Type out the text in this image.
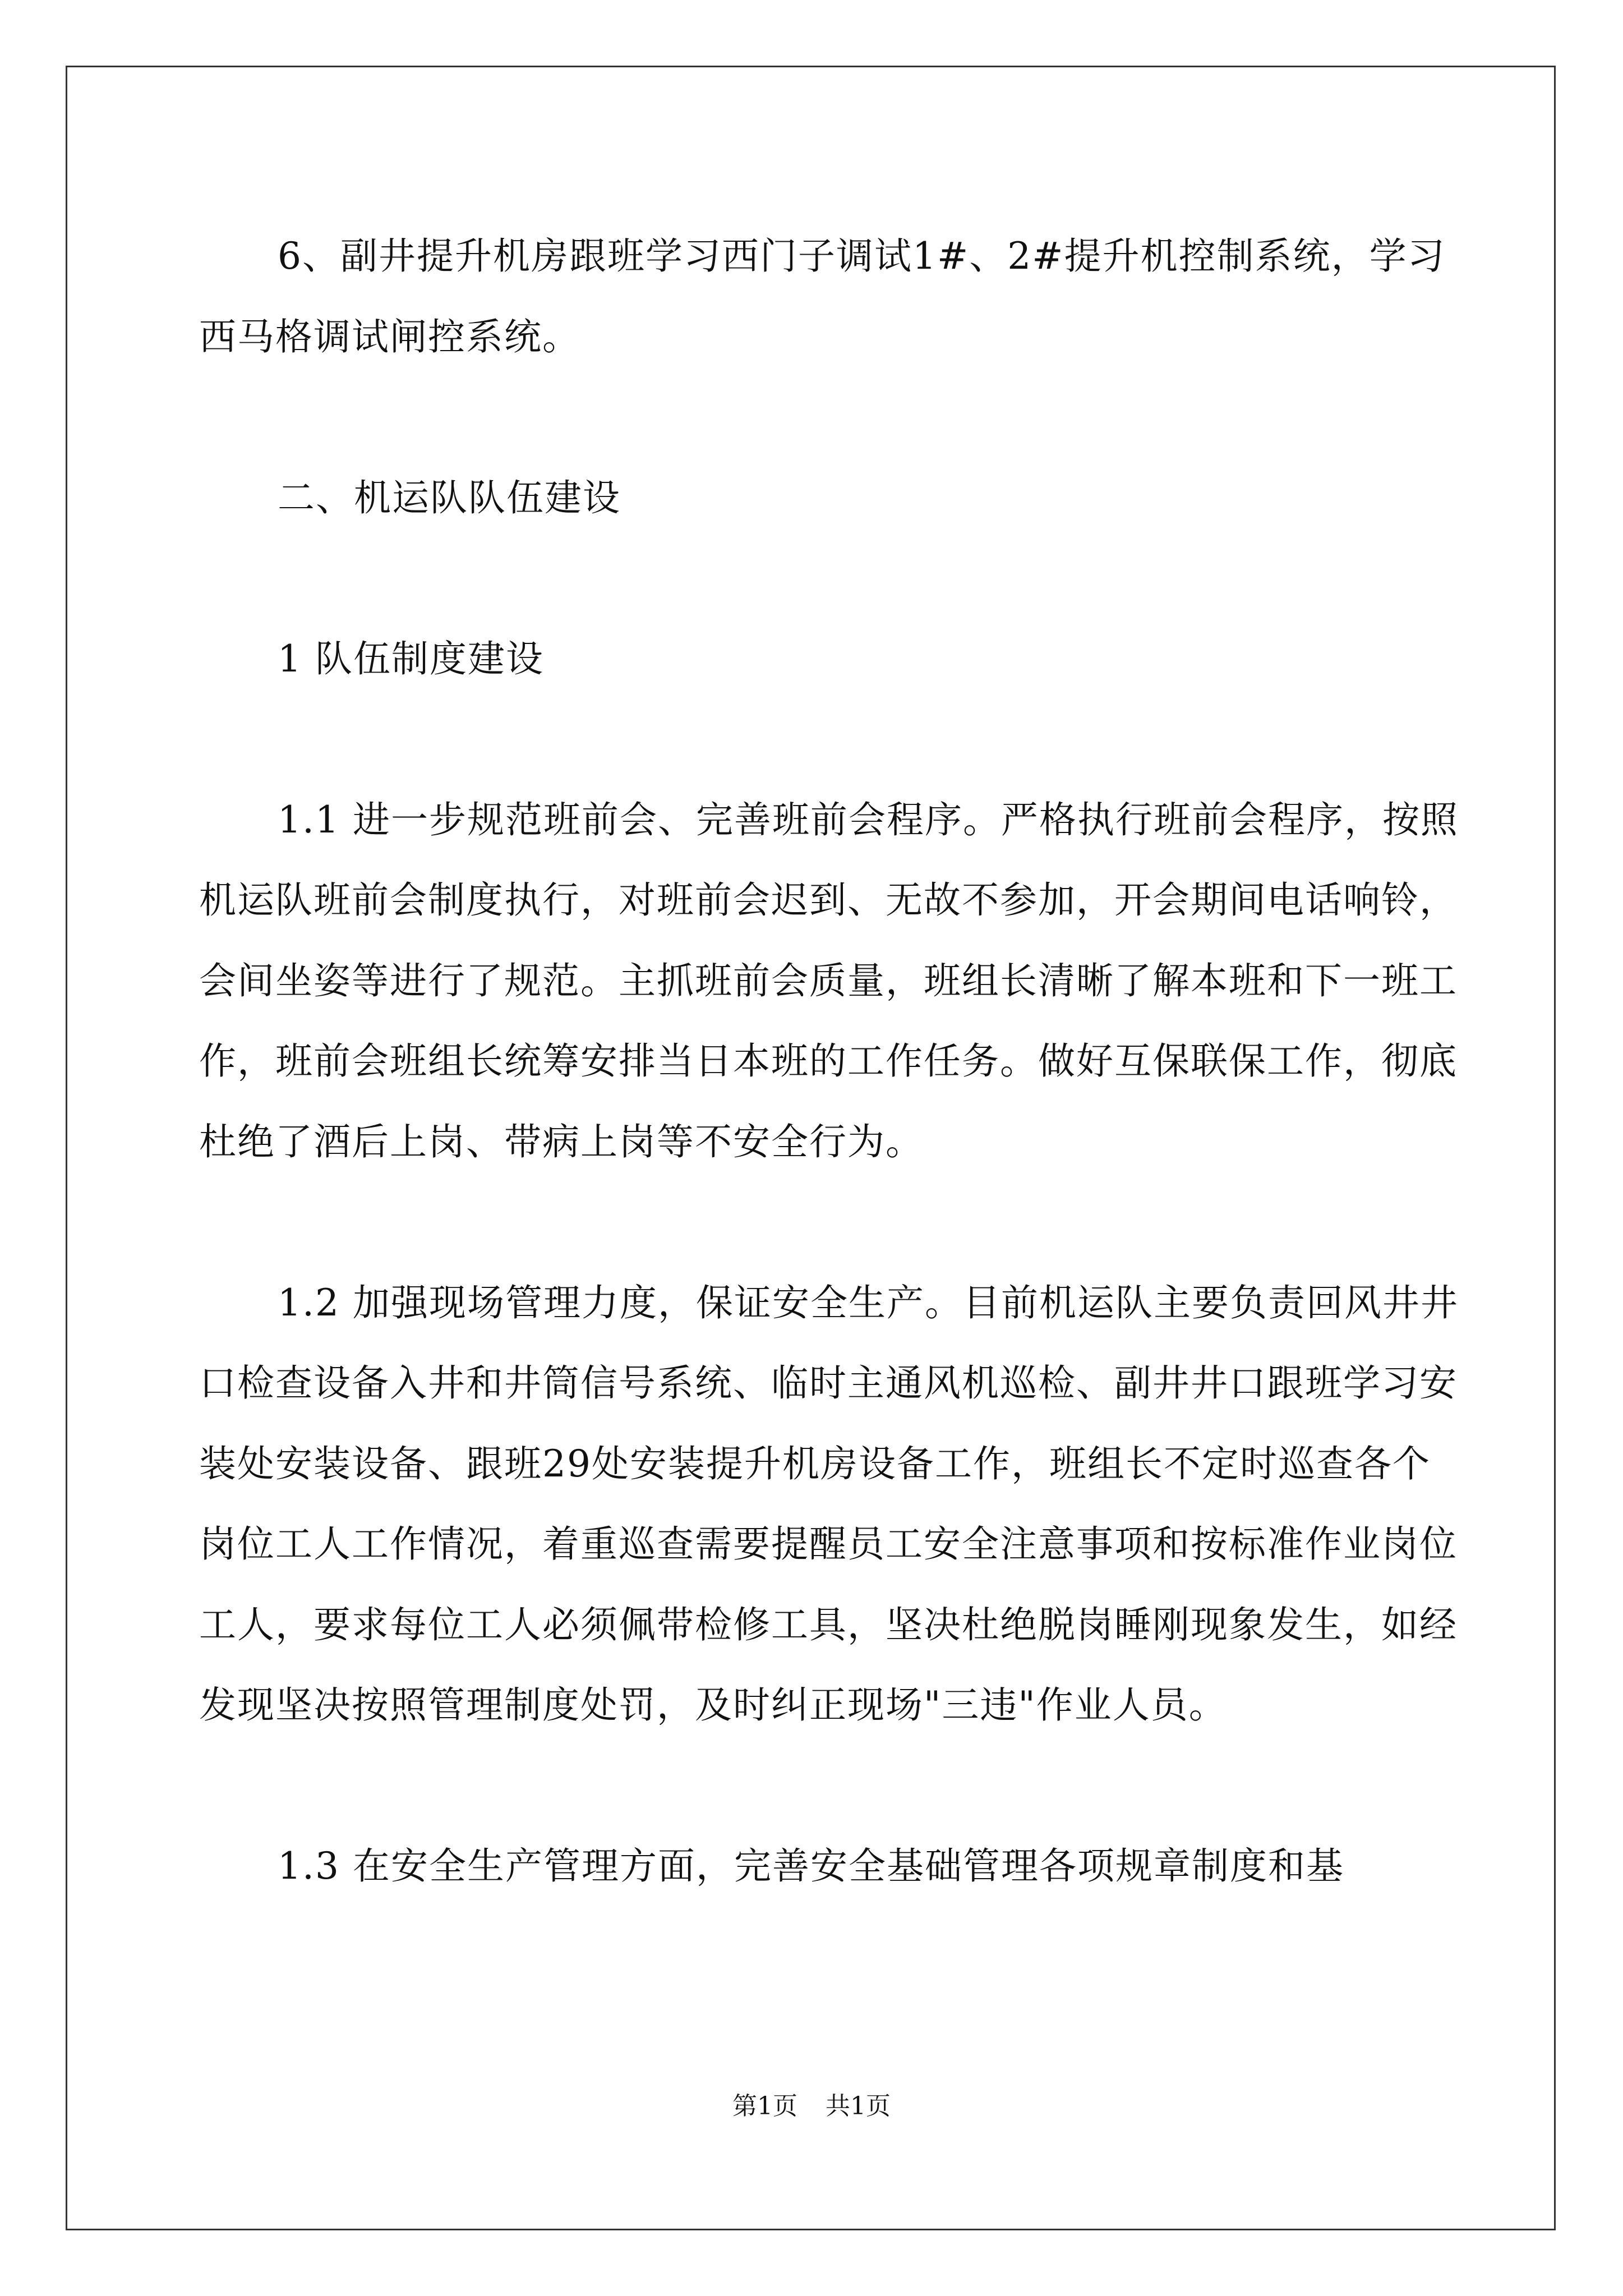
6、副井提升机房跟班学习西门子调试1#、2#提升机控制系统，学习西马格调试闸控系统。

二、机运队队伍建设

1 队伍制度建设

1.1 进一步规范班前会、完善班前会程序。严格执行班前会程序，按照机运队班前会制度执行，对班前会迟到、无故不参加，开会期间电话响铃，会间坐姿等进行了规范。主抓班前会质量，班组长清晰了解本班和下一班工作，班前会班组长统筹安排当日本班的工作任务。做好互保联保工作，彻底杜绝了酒后上岗、带病上岗等不安全行为。

1.2 加强现场管理力度，保证安全生产。目前机运队主要负责回风井井口检查设备入井和井筒信号系统、临时主通风机巡检、副井井口跟班学习安装处安装设备、跟班29处安装提升机房设备工作，班组长不定时巡查各个岗位工人工作情况，着重巡查需要提醒员工安全注意事项和按标准作业岗位工人，要求每位工人必须佩带检修工具，坚决杜绝脱岗睡刚现象发生，如经发现坚决按照管理制度处罚，及时纠正现场"三违"作业人员。

1.3 在安全生产管理方面，完善安全基础管理各项规章制度和基

第1页 共1页
